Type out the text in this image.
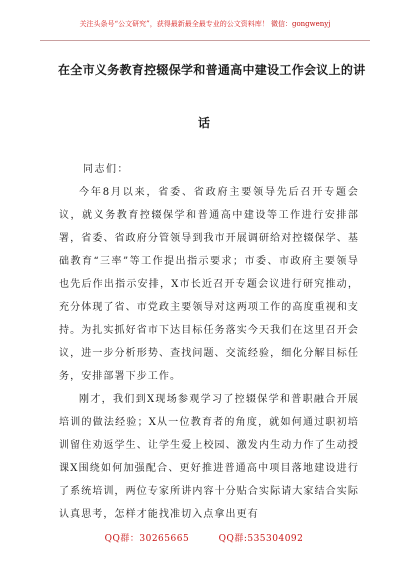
关注头条号“公文研究”，获得最新最全最专业的公文资料库！ 微信：gongwenyj
在全市义务教育控辍保学和普通高中建设工作会议上的讲
话
同志们：

今年8月以来，省委、省政府主要领导先后召开专题会议，就义务教育控辍保学和普通高中建设等工作进行安排部署，省委、省政府分管领导到我市开展调研给对控辍保学、基础教育“三率”等工作提出指示要求；市委、市政府主要领导也先后作出指示安排，X市长近召开专题会议进行研究推动，充分体现了省、市党政主要领导对这两项工作的高度重视和支持。为扎实抓好省市下达目标任务落实今天我们在这里召开会议，进一步分析形势、查找问题、交流经验，细化分解目标任务，安排部署下步工作。

刚才，我们到X现场参观学习了控辍保学和普职融合开展培训的做法经验；X从一位教育者的角度，就如何通过职初培训留住劝返学生、让学生爱上校园、激发内生动力作了生动授课X围绕如何加强配合、更好推进普通高中项目落地建设进行了系统培训，两位专家所讲内容十分贴合实际请大家结合实际认真思考，怎样才能找准切入点拿出更有

QQ群：30265665	QQ群:535304092
